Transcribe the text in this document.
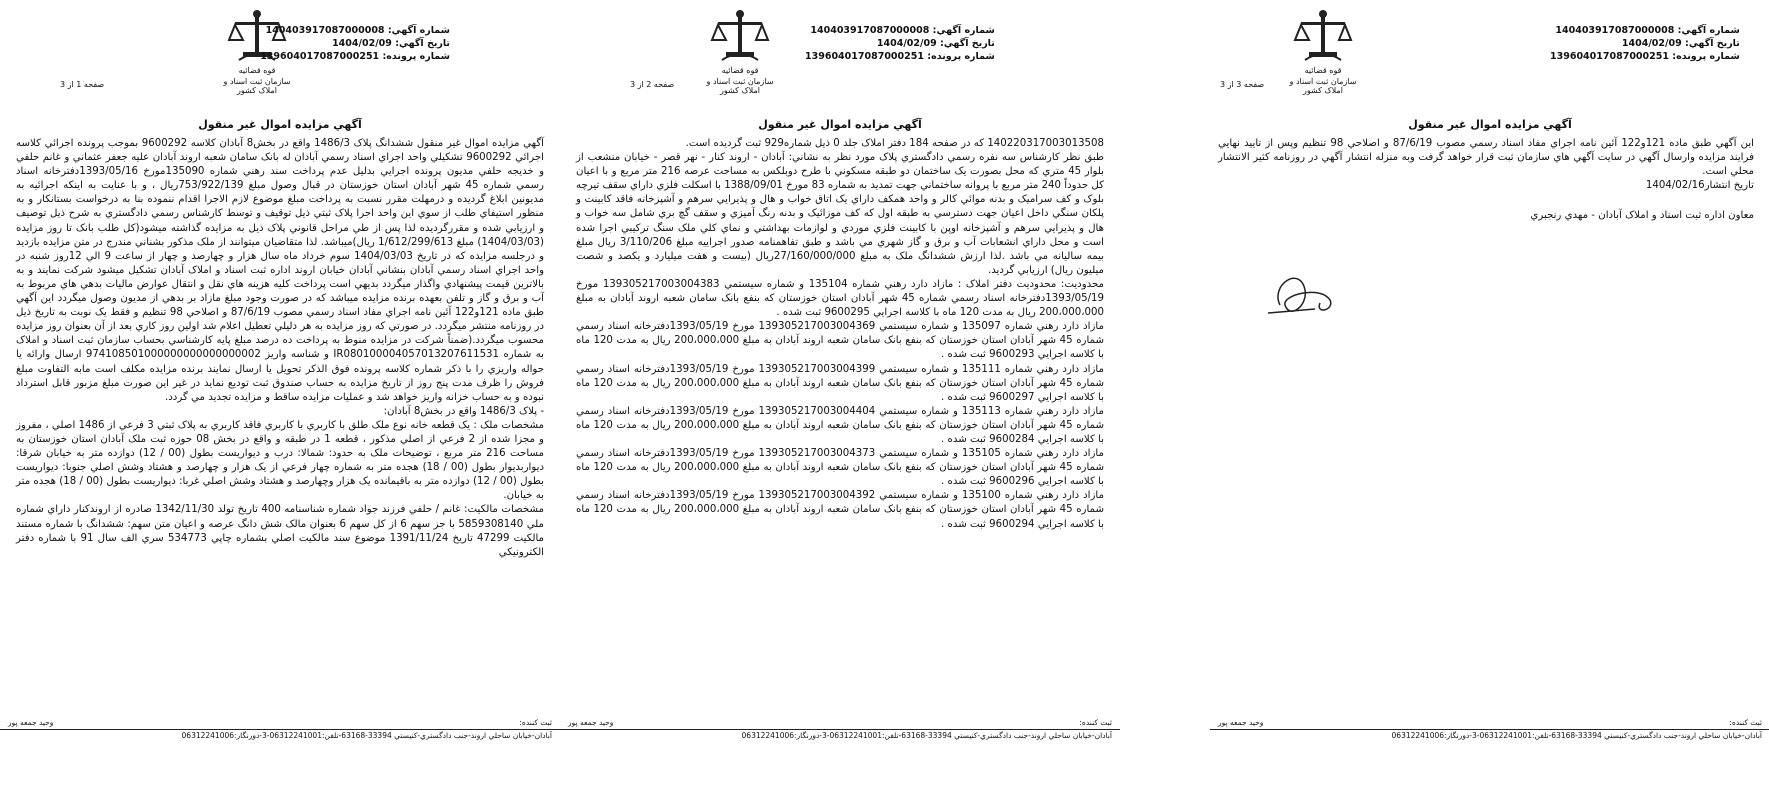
قوه قضائیه
سازمان ثبت اسناد و املاک کشور
شماره آگهي: 140403917087000008
تاریخ آگهي: 1404/02/09
شماره پرونده: 139604017087000251
صفحه 1 از 3
آگهي مزايده اموال غير منقول

آگهي مزايده اموال غير منقول ششدانگ پلاک 1486/3 واقع در بخش8 آبادان کلاسه 9600292 بموجب پرونده اجرائي کلاسه اجرائي 9600292 تشکيلي واحد اجراي اسناد رسمي آبادان له بانک سامان شعبه اروند آبادان عليه جعفر عثماني و غانم حلفي و خديجه حلفي مديون پرونده اجرايي بدليل عدم پرداخت سند رهني شماره 135090مورخ 1393/05/16دفترخانه اسناد رسمي شماره 45 شهر آبادان استان خوزستان در قبال وصول مبلغ 753/922/139ريال ، و با عنايت به اينکه اجرائيه به مديونين ابلاغ گرديده و درمهلت مقرر نسبت به پرداخت مبلغ موضوع لازم الاجرا اقدام ننموده بنا به درخواست بستانکار و به منظور استيفاي طلب از سوي اين واحد اجرا پلاک ثبتي ذيل توقيف و توسط کارشناس رسمي دادگستري به شرح ذيل توصيف و ارزيابي شده و مقررگرديده لذا پس از طي مراحل قانوني پلاک ذيل به مزايده گذاشته ميشود(کل طلب بانک تا روز مزايده (1404/03/03) مبلغ 1/612/299/613 ريال)ميباشد. لذا متقاضيان ميتوانند از ملک مذکور بشناني مندرج در متن مزايده بازديد و درجلسه مزايده که در تاريخ 1404/03/03 سوم خرداد ماه سال هزار و چهارصد و چهار از ساعت 9 الي 12روز شنبه در واحد اجراي اسناد رسمي آبادان بنشاني آبادان خيابان اروند اداره ثبت اسناد و املاک آبادان تشکيل ميشود شرکت نمايند و به بالاترين قيمت پيشنهادي واگذار ميگردد بديهي است پرداخت کليه هزينه هاي نقل و انتقال عوارض ماليات بدهي هاي مربوط به آب و برق و گاز و تلفن بعهده برنده مزايده ميباشد که در صورت وجود مبلغ مازاد بر بدهي از مديون وصول ميگردد اين آگهي طبق ماده 121و122 آئين نامه اجراي مفاد اسناد رسمي مصوب 87/6/19 و اصلاحي 98 تنظيم و فقط يک نوبت به تاريخ ذيل در روزنامه منتشر ميگردد. در صورتي که روز مزايده به هر دليلي تعطيل اعلام شد اولين روز کاري بعد از آن بعنوان روز مزايده محسوب ميگردد.(ضمناً شرکت در مزايده منوط به پرداخت ده درصد مبلغ پايه کارشناسي بحساب سازمان ثبت اسناد و املاک به شماره IR080100004057013207611531 و شناسه واريز 974108501000000000000000002 ارسال وارائه يا حواله واريزي را با ذکر شماره کلاسه پرونده فوق الذکر تحويل يا ارسال نمايند برنده مزايده مکلف است مابه التفاوت مبلغ فروش را ظرف مدت پنج روز از تاريخ مزايده به حساب صندوق ثبت توديع نمايد در غير اين صورت مبلغ مزبور قابل استرداد نبوده و به حساب خزانه واريز خواهد شد و عمليات مزايده ساقط و مزايده تجديد مي گردد.

- پلاک 1486/3 واقع در بخش8 آبادان:

مشخصات ملک : يک قطعه خانه نوع ملک طلق با کاربري با کاربري فاقد کاربري به پلاک ثبتي 3 فرعي از 1486 اصلي ، مفروز و مجزا شده از 2 فرعي از اصلي مذکور ، قطعه 1 در طبقه و واقع در بخش 08 حوزه ثبت ملک آبادان استان خوزستان به مساحت 216 متر مربع ، توضيحات ملک به حدود: شمالا: درب و ديواريست بطول (00 / 12) دوازده متر به خيابان شرقا: ديواربديوار بطول (00 / 18) هجده متر به شماره چهار فرعي از يک هزار و چهارصد و هشتاد وشش اصلي جنوبا: ديواريست بطول (00 / 12) دوازده متر به باقيمانده يک هزار وچهارصد و هشتاد وشش اصلي غربا: ديواريست بطول (00 / 18) هجده متر به خيابان.

مشخصات مالکيت: غانم / حلفي فرزند جواد شماره شناسنامه 400 تاريخ تولد 1342/11/30 صادره از اروندکنار داراي شماره ملي 5859308140 با جز سهم 6 از کل سهم 6 بعنوان مالک شش دانگ عرصه و اعيان متن سهم: ششدانگ با شماره مستند مالکيت 47299 تاريخ 1391/11/24 موضوع سند مالکيت اصلي بشماره چاپي 534773 سري الف سال 91 با شماره دفتر الکترونيکي

ثبت کننده:
وحید جمعه پور
آبادان-خيابان ساحلي اروند-جنب دادگستري-کنيستي 33394-63168-تلفن:06312241001-3-دورنگار:06312241006
قوه قضائیه
سازمان ثبت اسناد و املاک کشور
شماره آگهي: 140403917087000008
تاریخ آگهي: 1404/02/09
شماره پرونده: 139604017087000251
صفحه 2 از 3
آگهي مزايده اموال غير منقول

140220317003013508 که در صفحه 184 دفتر املاک جلد 0 ذيل شماره929 ثبت گرديده است.

طبق نظر کارشناس سه نفره رسمي دادگستري پلاک مورد نظر به نشاني: آبادان - اروند کنار - نهر قصر - خيابان منشعب از بلوار 45 متري که محل بصورت يک ساختمان دو طبقه مسکوني با طرح دوبلکس به مساحت عرصه 216 متر مربع و با اعيان کل حدوداً 240 متر مربع با پروانه ساختماني جهت تمديد به شماره 83 مورخ 1388/09/01 با اسکلت فلزي داراي سقف تيرچه بلوک و کف سراميک و بدنه موائي کالر و واحد همکف داراي يک اتاق خواب و هال و پذيرايي سرهم و آشپزخانه فاقد کابينت و پلکان سنگي داخل اعيان جهت دسترسي به طبقه اول که کف موزائيک و بدنه رنگ آميزي و سقف گچ بري شامل سه خواب و هال و پذيرايي سرهم و آشپزخانه اوپن با کابينت فلزي موردي و لوازمات بهداشتي و نماي کلي ملک سنگ ترکيبي اجرا شده است و محل داراي انشعابات آب و برق و گاز شهري مي باشد و طبق تفاهمنامه صدور اجراييه مبلغ 3/110/206 ريال مبلغ بيمه ساليانه مي باشد .لذا ارزش ششدانگ ملک به مبلغ 27/160/000/000ريال (بيست و هفت ميليارد و يکصد و شصت ميليون ريال) ارزيابي گرديد.

محدوديت: محدوديت دفتر املاک : مازاد دارد رهني شماره 135104 و شماره سيستمي 139305217003004383 مورخ 1393/05/19دفترخانه اسناد رسمي شماره 45 شهر آبادان استان خوزستان که بنفع بانک سامان شعبه اروند آبادان به مبلغ 200،000،000 ريال به مدت 120 ماه با کلاسه اجرايي 9600295 ثبت شده .

مازاد دارد رهني شماره 135097 و شماره سيستمي 139305217003004369 مورخ 1393/05/19دفترخانه اسناد رسمي شماره 45 شهر آبادان استان خوزستان که بنفع بانک سامان شعبه اروند آبادان به مبلغ 200،000،000 ريال به مدت 120 ماه با کلاسه اجرايي 9600293 ثبت شده .

مازاد دارد رهني شماره 135111 و شماره سيستمي 139305217003004399 مورخ 1393/05/19دفترخانه اسناد رسمي شماره 45 شهر آبادان استان خوزستان که بنفع بانک سامان شعبه اروند آبادان به مبلغ 200،000،000 ريال به مدت 120 ماه با کلاسه اجرايي 9600297 ثبت شده .

مازاد دارد رهني شماره 135113 و شماره سيستمي 139305217003004404 مورخ 1393/05/19دفترخانه اسناد رسمي شماره 45 شهر آبادان استان خوزستان که بنفع بانک سامان شعبه اروند آبادان به مبلغ 200،000،000 ريال به مدت 120 ماه با کلاسه اجرايي 9600284 ثبت شده .

مازاد دارد رهني شماره 135105 و شماره سيستمي 139305217003004373 مورخ 1393/05/19دفترخانه اسناد رسمي شماره 45 شهر آبادان استان خوزستان که بنفع بانک سامان شعبه اروند آبادان به مبلغ 200،000،000 ريال به مدت 120 ماه با کلاسه اجرايي 9600296 ثبت شده .

مازاد دارد رهني شماره 135100 و شماره سيستمي 139305217003004392 مورخ 1393/05/19دفترخانه اسناد رسمي شماره 45 شهر آبادان استان خوزستان که بنفع بانک سامان شعبه اروند آبادان به مبلغ 200،000،000 ريال به مدت 120 ماه با کلاسه اجرايي 9600294 ثبت شده .

ثبت کننده:
وحید جمعه پور
آبادان-خيابان ساحلي اروند-جنب دادگستري-کنيستي 33394-63168-تلفن:06312241001-3-دورنگار:06312241006
قوه قضائیه
سازمان ثبت اسناد و املاک کشور
شماره آگهي: 140403917087000008
تاریخ آگهي: 1404/02/09
شماره پرونده: 139604017087000251
صفحه 3 از 3
آگهي مزايده اموال غير منقول

اين آگهي طبق ماده 121و122 آئين نامه اجراي مفاد اسناد رسمي مصوب 87/6/19 و اصلاحي 98 تنظيم وپس از تاييد نهايي فرايند مزايده وارسال آگهي در سايت آگهي هاي سازمان ثبت قرار خواهد گرفت وبه منزله انتشار آگهي در روزنامه کثير الانتشار محلي است.

تاريخ انتشار1404/02/16

معاون اداره ثبت اسناد و املاک آبادان - مهدي رنجبري

ثبت کننده:
وحید جمعه پور
آبادان-خيابان ساحلي اروند-جنب دادگستري-کنيستي 33394-63168-تلفن:06312241001-3-دورنگار:06312241006
